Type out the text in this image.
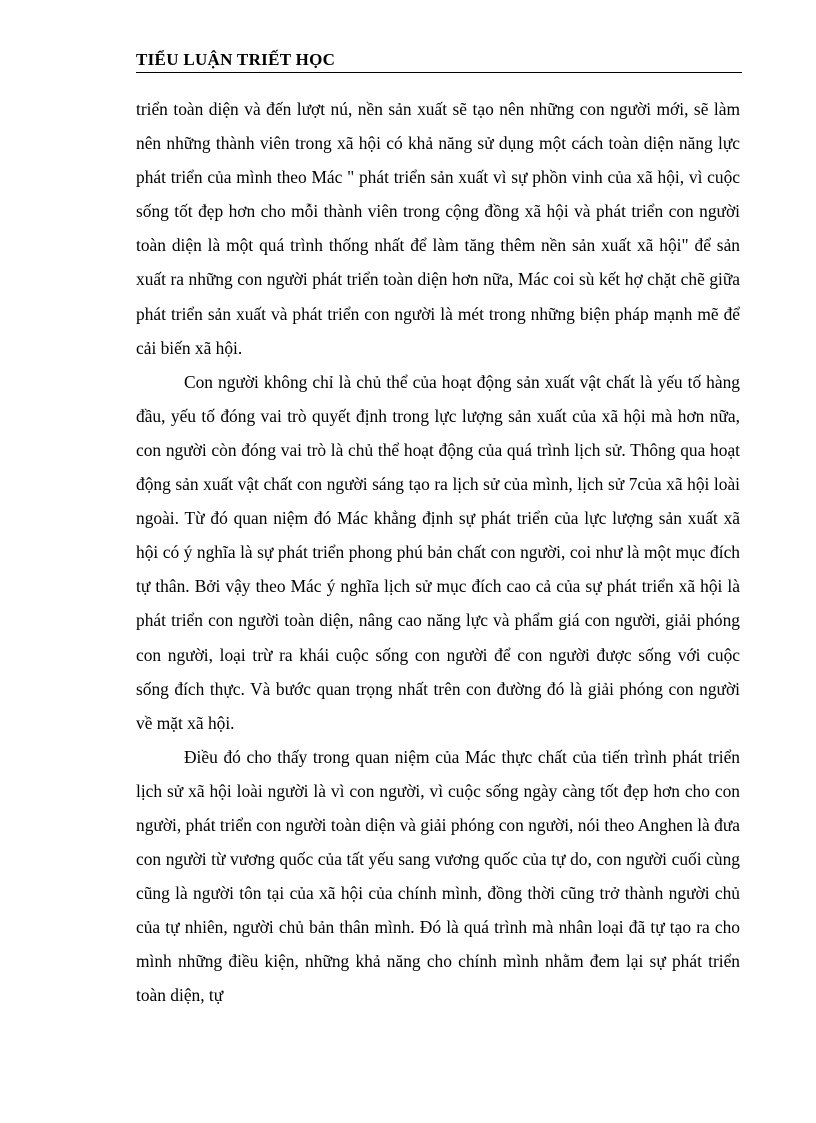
TIỂU LUẬN TRIẾT HỌC

triển toàn diện và đến lượt nú, nền sản xuất sẽ tạo nên những con người mới, sẽ làm nên những thành viên trong xã hội có khả năng sử dụng một cách toàn diện năng lực phát triển của mình theo Mác " phát triển sản xuất vì sự phồn vinh của xã hội, vì cuộc sống tốt đẹp hơn cho mỗi thành viên trong cộng đồng xã hội và phát triển con người toàn diện là một quá trình thống nhất để làm tăng thêm nền sản xuất xã hội" để sản xuất ra những con người phát triển toàn diện hơn nữa, Mác coi sù kết hợ chặt chẽ giữa phát triển sản xuất và phát triển con người là mét trong những biện pháp mạnh mẽ để cải biến xã hội.

Con người không chỉ là chủ thể của hoạt động sản xuất vật chất là yếu tố hàng đầu, yếu tố đóng vai trò quyết định trong lực lượng sản xuất của xã hội mà hơn nữa, con người còn đóng vai trò là chủ thể hoạt động của quá trình lịch sử. Thông qua hoạt động sản xuất vật chất con người sáng tạo ra lịch sử của mình, lịch sử 7của xã hội loài ngoài. Từ đó quan niệm đó Mác khẳng định sự phát triển của lực lượng sản xuất xã hội có ý nghĩa là sự phát triển phong phú bản chất con người, coi như là một mục đích tự thân. Bởi vậy theo Mác ý nghĩa lịch sử mục đích cao cả của sự phát triển xã hội là phát triển con người toàn diện, nâng cao năng lực và phẩm giá con người, giải phóng con người, loại trừ ra khái cuộc sống con người để con người được sống với cuộc sống đích thực. Và bước quan trọng nhất trên con đường đó là giải phóng con người về mặt xã hội.

Điều đó cho thấy trong quan niệm của Mác thực chất của tiến trình phát triển lịch sử xã hội loài người là vì con người, vì cuộc sống ngày càng tốt đẹp hơn cho con người, phát triển con người toàn diện và giải phóng con người, nói theo Anghen là đưa con người từ vương quốc của tất yếu sang vương quốc của tự do, con người cuối cùng cũng là người tôn tại của xã hội của chính mình, đồng thời cũng trở thành người chủ của tự nhiên, người chủ bản thân mình. Đó là quá trình mà nhân loại đã tự tạo ra cho mình những điều kiện, những khả năng cho chính mình nhằm đem lại sự phát triển toàn diện, tự
